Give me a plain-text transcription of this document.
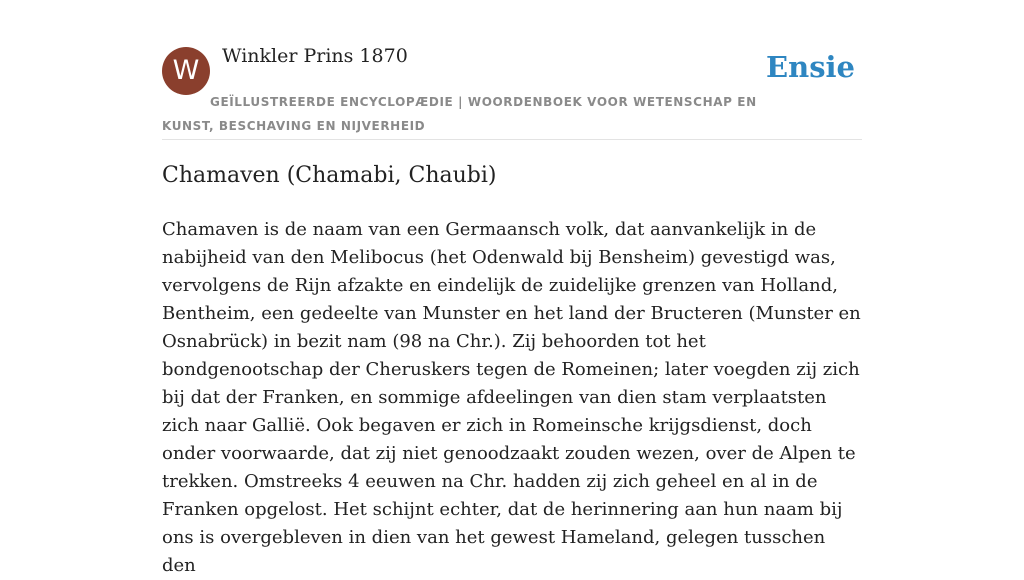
W	Winkler Prins 1870
GEÏLLUSTREERDE ENCYCLOPÆDIE | WOORDENBOEK VOOR WETENSCHAP EN KUNST, BESCHAVING EN NIJVERHEID
Ensie
Chamaven (Chamabi, Chaubi)

Chamaven is de naam van een Germaansch volk, dat aanvankelijk in de nabijheid van den Melibocus (het Odenwald bij Bensheim) gevestigd was, vervolgens de Rijn afzakte en eindelijk de zuidelijke grenzen van Holland, Bentheim, een gedeelte van Munster en het land der Bructeren (Munster en Osnabrück) in bezit nam (98 na Chr.). Zij behoorden tot het bondgenootschap der Cheruskers tegen de Romeinen; later voegden zij zich bij dat der Franken, en sommige afdeelingen van dien stam verplaatsten zich naar Gallië. Ook begaven er zich in Romeinsche krijgsdienst, doch onder voorwaarde, dat zij niet genoodzaakt zouden wezen, over de Alpen te trekken. Omstreeks 4 eeuwen na Chr. hadden zij zich geheel en al in de Franken opgelost. Het schijnt echter, dat de herinnering aan hun naam bij ons is overgebleven in dien van het gewest Hameland, gelegen tusschen den
